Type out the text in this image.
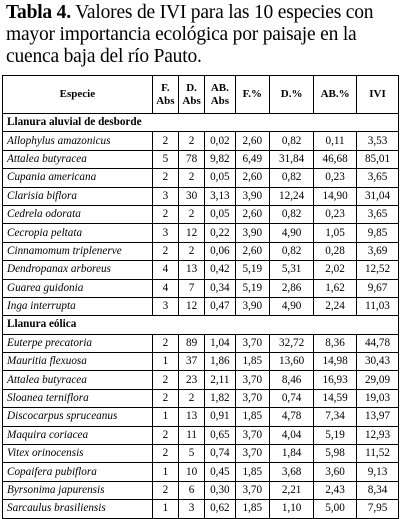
Tabla 4. Valores de IVI para las 10 especies con mayor importancia ecológica por paisaje en la cuenca baja del río Pauto.
Especie	F. Abs	D. Abs	AB. Abs	F.%	D.%	AB.%	IVI
Llanura aluvial de desborde							
Allophylus amazonicus	2	2	0,02	2,60	0,82	0,11	3,53
Attalea butyracea	5	78	9,82	6,49	31,84	46,68	85,01
Cupania americana	2	2	0,05	2,60	0,82	0,23	3,65
Clarisia biflora	3	30	3,13	3,90	12,24	14,90	31,04
Cedrela odorata	2	2	0,05	2,60	0,82	0,23	3,65
Cecropia peltata	3	12	0,22	3,90	4,90	1,05	9,85
Cinnamomum triplenerve	2	2	0,06	2,60	0,82	0,28	3,69
Dendropanax arboreus	4	13	0,42	5,19	5,31	2,02	12,52
Guarea guidonia	4	7	0,34	5,19	2,86	1,62	9,67
Inga interrupta	3	12	0,47	3,90	4,90	2,24	11,03
Llanura eólica							
Euterpe precatoria	2	89	1,04	3,70	32,72	8,36	44,78
Mauritia flexuosa	1	37	1,86	1,85	13,60	14,98	30,43
Attalea butyracea	2	23	2,11	3,70	8,46	16,93	29,09
Sloanea terniflora	2	2	1,82	3,70	0,74	14,59	19,03
Discocarpus spruceanus	1	13	0,91	1,85	4,78	7,34	13,97
Maquira coriacea	2	11	0,65	3,70	4,04	5,19	12,93
Vitex orinocensis	2	5	0,74	3,70	1,84	5,98	11,52
Copaifera pubiflora	1	10	0,45	1,85	3,68	3,60	9,13
Byrsonima japurensis	2	6	0,30	3,70	2,21	2,43	8,34
Sarcaulus brasiliensis	1	3	0,62	1,85	1,10	5,00	7,95
